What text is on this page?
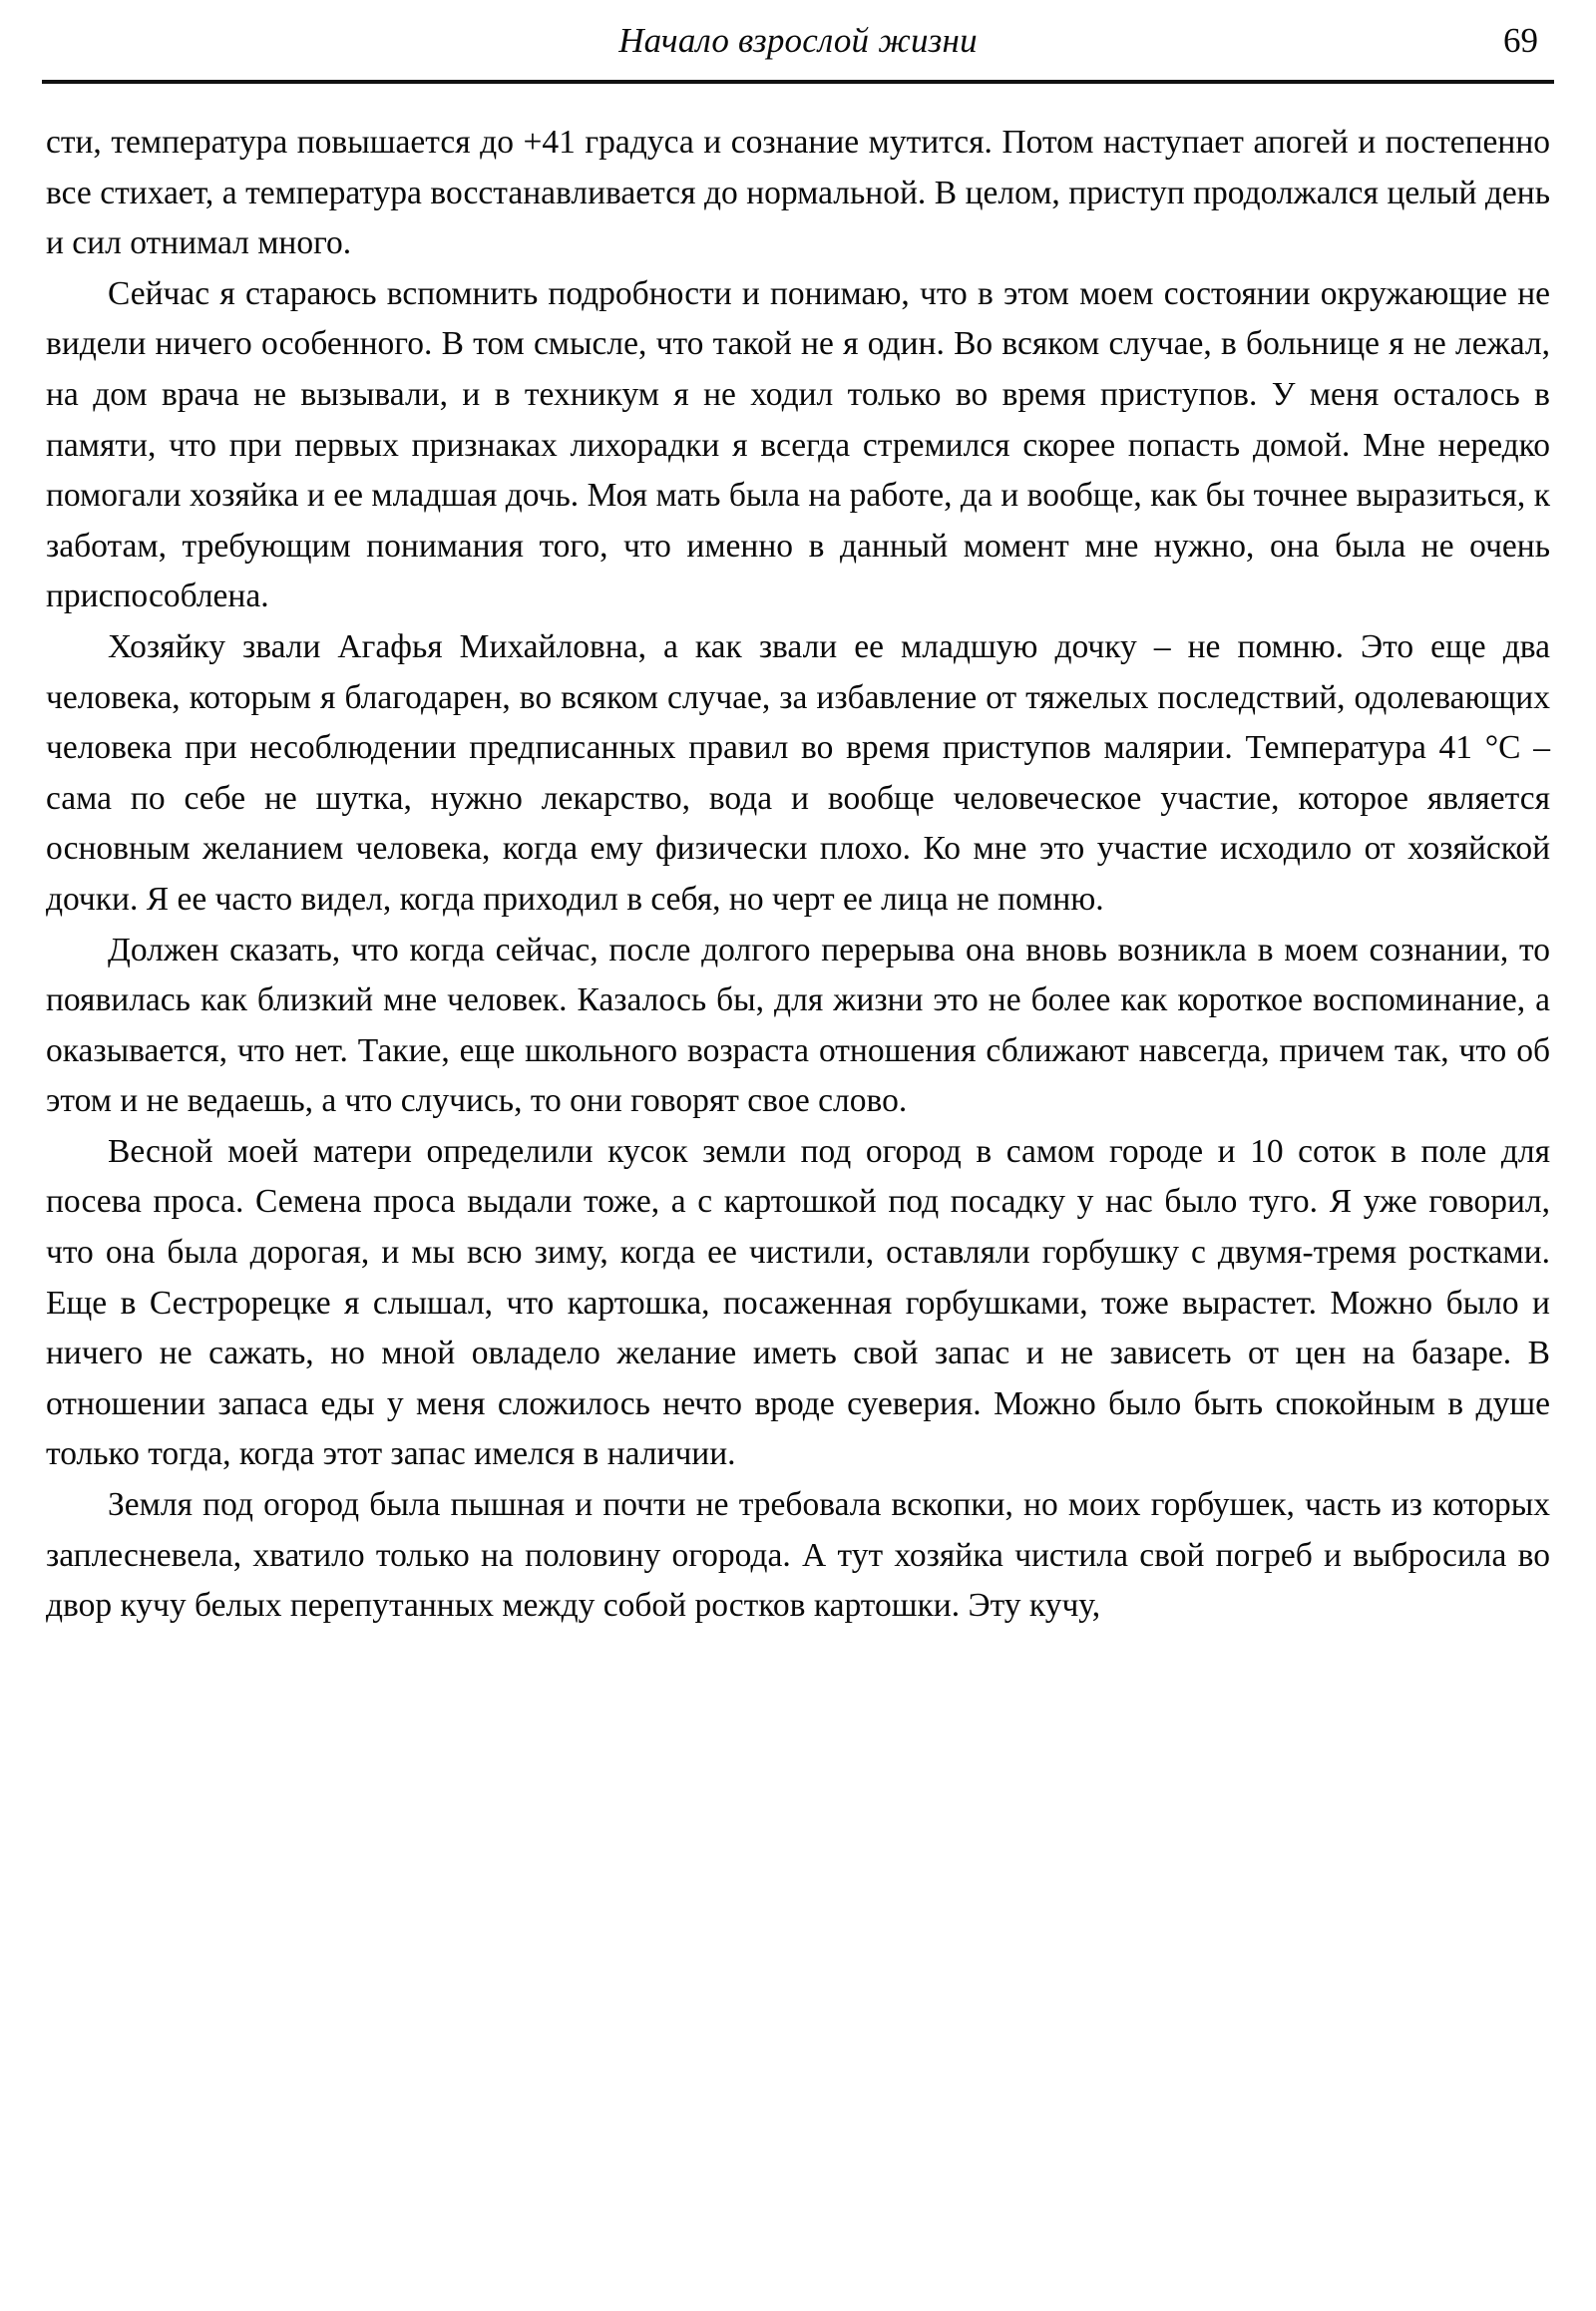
Начало взрослой жизни	69

сти, температура повышается до +41 градуса и сознание мутится. Потом наступает апогей и постепенно все стихает, а температура восстанавливается до нормальной. В целом, приступ продолжался целый день и сил отнимал много.

Сейчас я стараюсь вспомнить подробности и понимаю, что в этом моем состоянии окружающие не видели ничего особенного. В том смысле, что такой не я один. Во всяком случае, в больнице я не лежал, на дом врача не вызывали, и в техникум я не ходил только во время приступов. У меня осталось в памяти, что при первых признаках лихорадки я всегда стремился скорее попасть домой. Мне нередко помогали хозяйка и ее младшая дочь. Моя мать была на работе, да и вообще, как бы точнее выразиться, к заботам, требующим понимания того, что именно в данный момент мне нужно, она была не очень приспособлена.

Хозяйку звали Агафья Михайловна, а как звали ее младшую дочку – не помню. Это еще два человека, которым я благодарен, во всяком случае, за избавление от тяжелых последствий, одолевающих человека при несоблюдении предписанных правил во время приступов малярии. Температура 41 °С – сама по себе не шутка, нужно лекарство, вода и вообще человеческое участие, которое является основным желанием человека, когда ему физически плохо. Ко мне это участие исходило от хозяйской дочки. Я ее часто видел, когда приходил в себя, но черт ее лица не помню.

Должен сказать, что когда сейчас, после долгого перерыва она вновь возникла в моем сознании, то появилась как близкий мне человек. Казалось бы, для жизни это не более как короткое воспоминание, а оказывается, что нет. Такие, еще школьного возраста отношения сближают навсегда, причем так, что об этом и не ведаешь, а что случись, то они говорят свое слово.

Весной моей матери определили кусок земли под огород в самом городе и 10 соток в поле для посева проса. Семена проса выдали тоже, а с картошкой под посадку у нас было туго. Я уже говорил, что она была дорогая, и мы всю зиму, когда ее чистили, оставляли горбушку с двумя-тремя ростками. Еще в Сестрорецке я слышал, что картошка, посаженная горбушками, тоже вырастет. Можно было и ничего не сажать, но мной овладело желание иметь свой запас и не зависеть от цен на базаре. В отношении запаса еды у меня сложилось нечто вроде суеверия. Можно было быть спокойным в душе только тогда, когда этот запас имелся в наличии.

Земля под огород была пышная и почти не требовала вскопки, но моих горбушек, часть из которых заплесневела, хватило только на половину огорода. А тут хозяйка чистила свой погреб и выбросила во двор кучу белых перепутанных между собой ростков картошки. Эту кучу,
